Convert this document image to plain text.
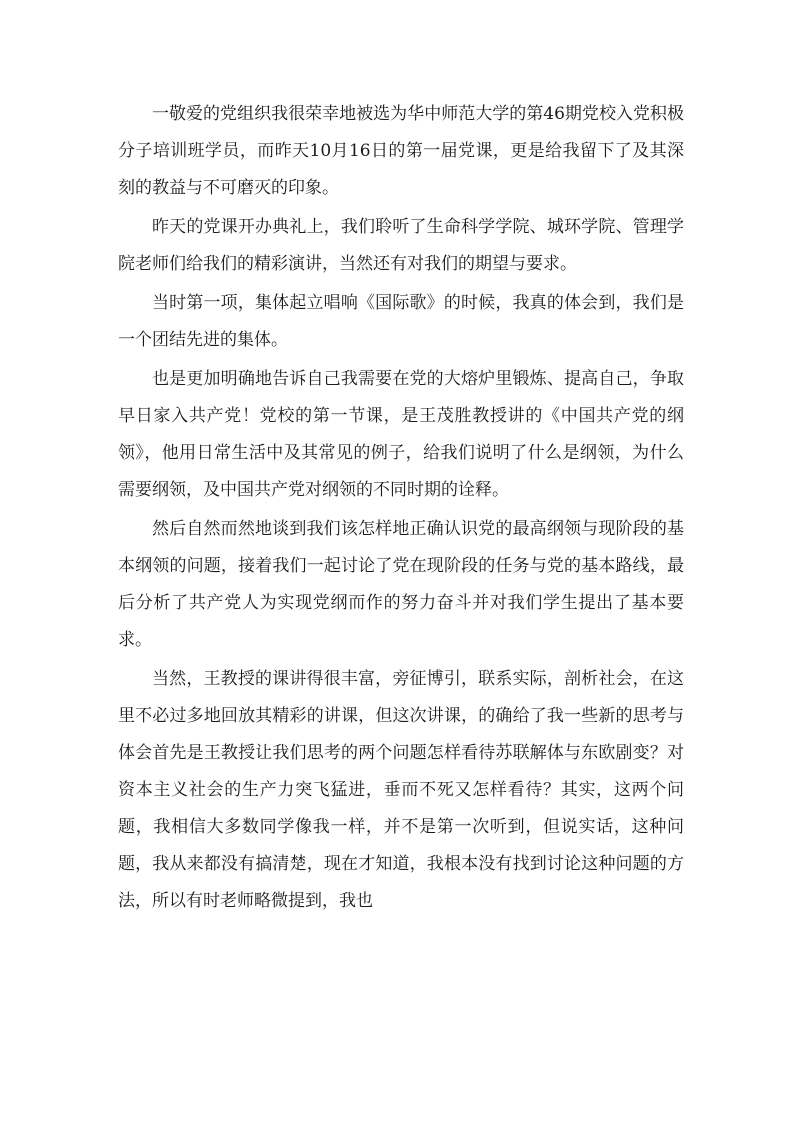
一敬爱的党组织我很荣幸地被选为华中师范大学的第46期党校入党积极分子培训班学员，而昨天10月16日的第一届党课，更是给我留下了及其深刻的教益与不可磨灭的印象。

昨天的党课开办典礼上，我们聆听了生命科学学院、城环学院、管理学院老师们给我们的精彩演讲，当然还有对我们的期望与要求。

当时第一项，集体起立唱响《国际歌》的时候，我真的体会到，我们是一个团结先进的集体。

也是更加明确地告诉自己我需要在党的大熔炉里锻炼、提高自己，争取早日家入共产党！党校的第一节课，是王茂胜教授讲的《中国共产党的纲领》，他用日常生活中及其常见的例子，给我们说明了什么是纲领，为什么需要纲领，及中国共产党对纲领的不同时期的诠释。

然后自然而然地谈到我们该怎样地正确认识党的最高纲领与现阶段的基本纲领的问题，接着我们一起讨论了党在现阶段的任务与党的基本路线，最后分析了共产党人为实现党纲而作的努力奋斗并对我们学生提出了基本要求。

当然，王教授的课讲得很丰富，旁征博引，联系实际，剖析社会，在这里不必过多地回放其精彩的讲课，但这次讲课，的确给了我一些新的思考与体会首先是王教授让我们思考的两个问题怎样看待苏联解体与东欧剧变？对资本主义社会的生产力突飞猛进，垂而不死又怎样看待？其实，这两个问题，我相信大多数同学像我一样，并不是第一次听到，但说实话，这种问题，我从来都没有搞清楚，现在才知道，我根本没有找到讨论这种问题的方法，所以有时老师略微提到，我也
